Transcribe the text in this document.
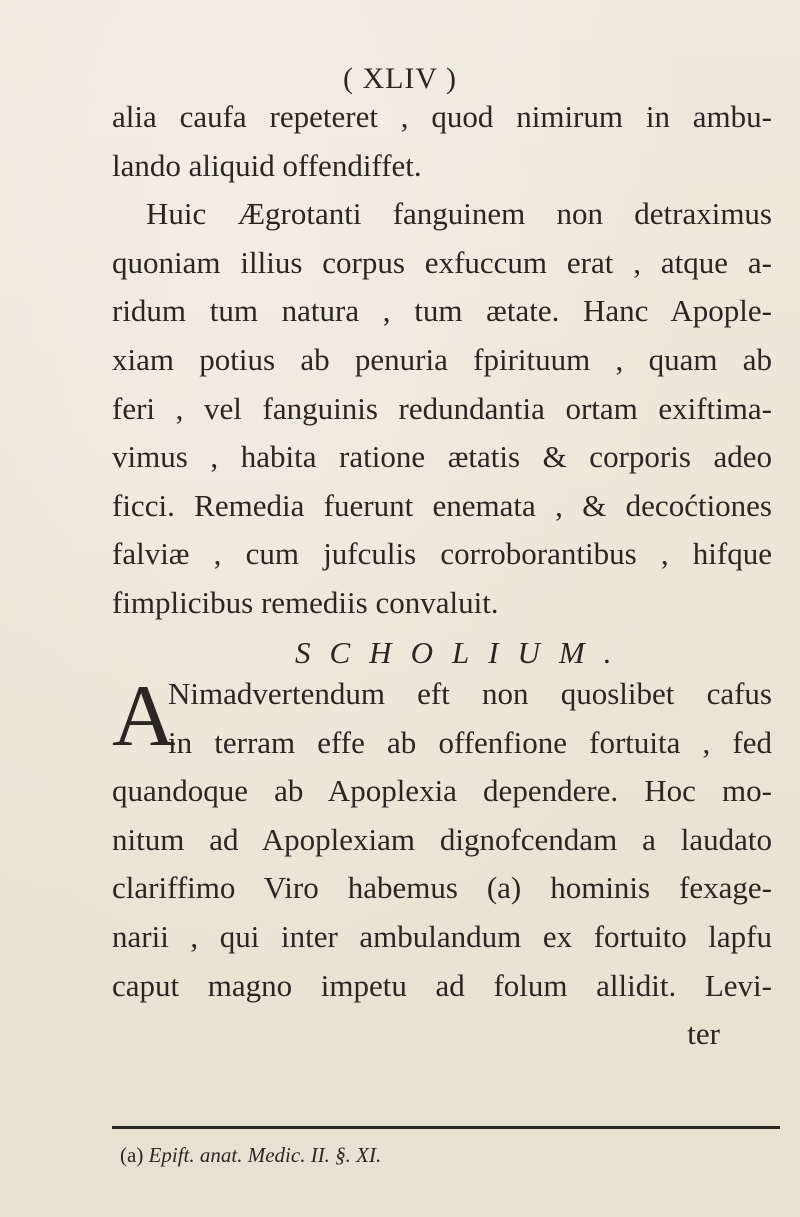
( XLIV )
alia caufa repeteret , quod nimirum in ambu-
lando aliquid offendiffet.
Huic Ægrotanti fanguinem non detraximus
quoniam illius corpus exfuccum erat , atque a-
ridum tum natura , tum ætate. Hanc Apople-
xiam potius ab penuria fpirituum , quam ab
feri , vel fanguinis redundantia ortam exiftima-
vimus , habita ratione ætatis & corporis adeo
ficci. Remedia fuerunt enemata , & decoćtiones
falviæ , cum jufculis corroborantibus , hifque
fimplicibus remediis convaluit.
SCHOLIUM.
A
Nimadvertendum eft non quoslibet cafus
in terram effe ab offenfione fortuita , fed
quandoque ab Apoplexia dependere. Hoc mo-
nitum ad Apoplexiam dignofcendam a laudato
clariffimo Viro habemus (a) hominis fexage-
narii , qui inter ambulandum ex fortuito lapfu
caput magno impetu ad folum allidit. Levi-
ter
(a) Epift. anat. Medic. II. §. XI.
